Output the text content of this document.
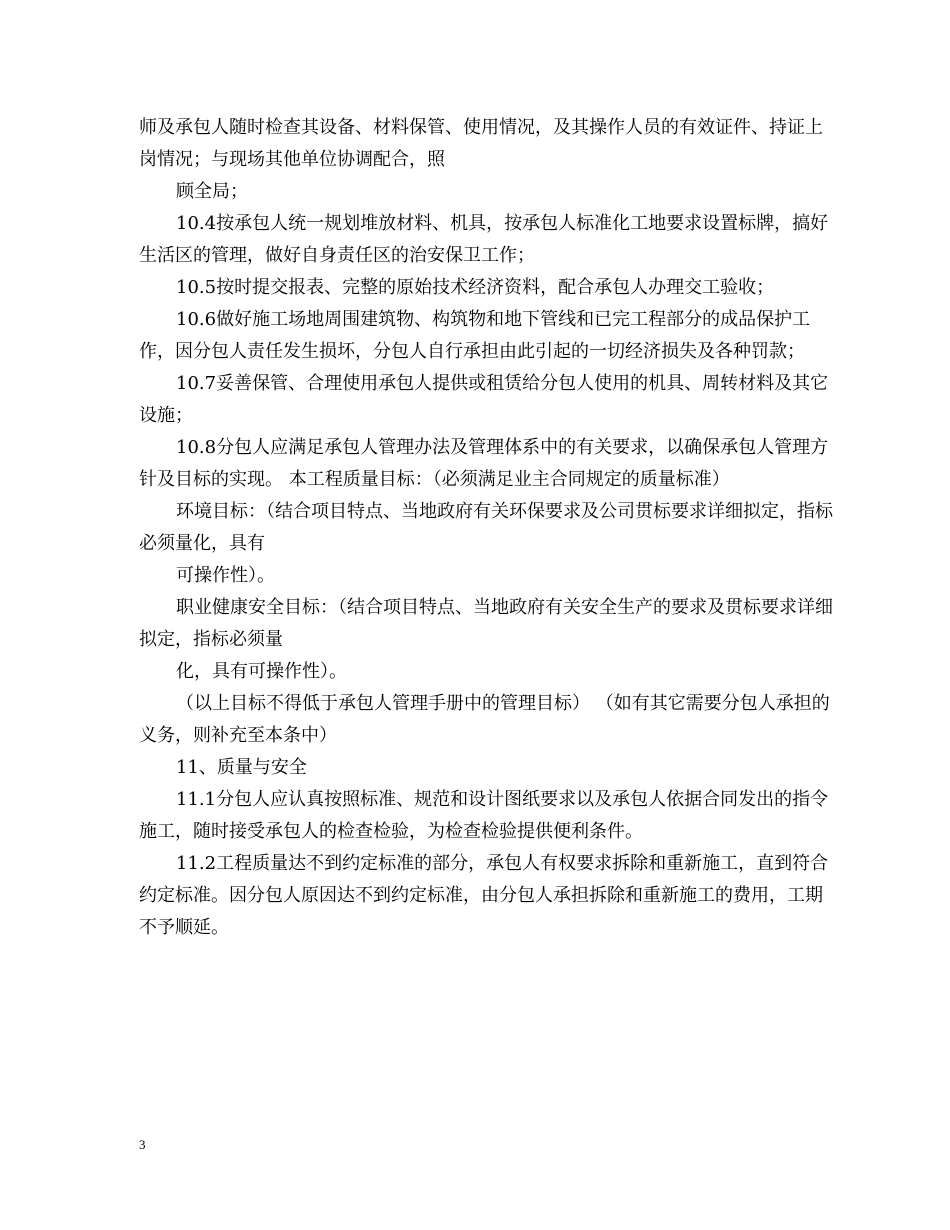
师及承包人随时检查其设备、材料保管、使用情况，及其操作人员的有效证件、持证上岗情况；与现场其他单位协调配合，照

顾全局；

10.4按承包人统一规划堆放材料、机具，按承包人标准化工地要求设置标牌，搞好生活区的管理，做好自身责任区的治安保卫工作；

10.5按时提交报表、完整的原始技术经济资料，配合承包人办理交工验收；

10.6做好施工场地周围建筑物、构筑物和地下管线和已完工程部分的成品保护工作，因分包人责任发生损坏，分包人自行承担由此引起的一切经济损失及各种罚款；

10.7妥善保管、合理使用承包人提供或租赁给分包人使用的机具、周转材料及其它设施；

10.8分包人应满足承包人管理办法及管理体系中的有关要求，以确保承包人管理方针及目标的实现。 本工程质量目标：（必须满足业主合同规定的质量标准）

环境目标：（结合项目特点、当地政府有关环保要求及公司贯标要求详细拟定，指标必须量化，具有

可操作性）。

职业健康安全目标：（结合项目特点、当地政府有关安全生产的要求及贯标要求详细拟定，指标必须量

化，具有可操作性）。

（以上目标不得低于承包人管理手册中的管理目标） （如有其它需要分包人承担的义务，则补充至本条中）

11、质量与安全

11.1分包人应认真按照标准、规范和设计图纸要求以及承包人依据合同发出的指令施工，随时接受承包人的检查检验，为检查检验提供便利条件。

11.2工程质量达不到约定标准的部分，承包人有权要求拆除和重新施工，直到符合约定标准。因分包人原因达不到约定标准，由分包人承担拆除和重新施工的费用，工期不予顺延。

3
